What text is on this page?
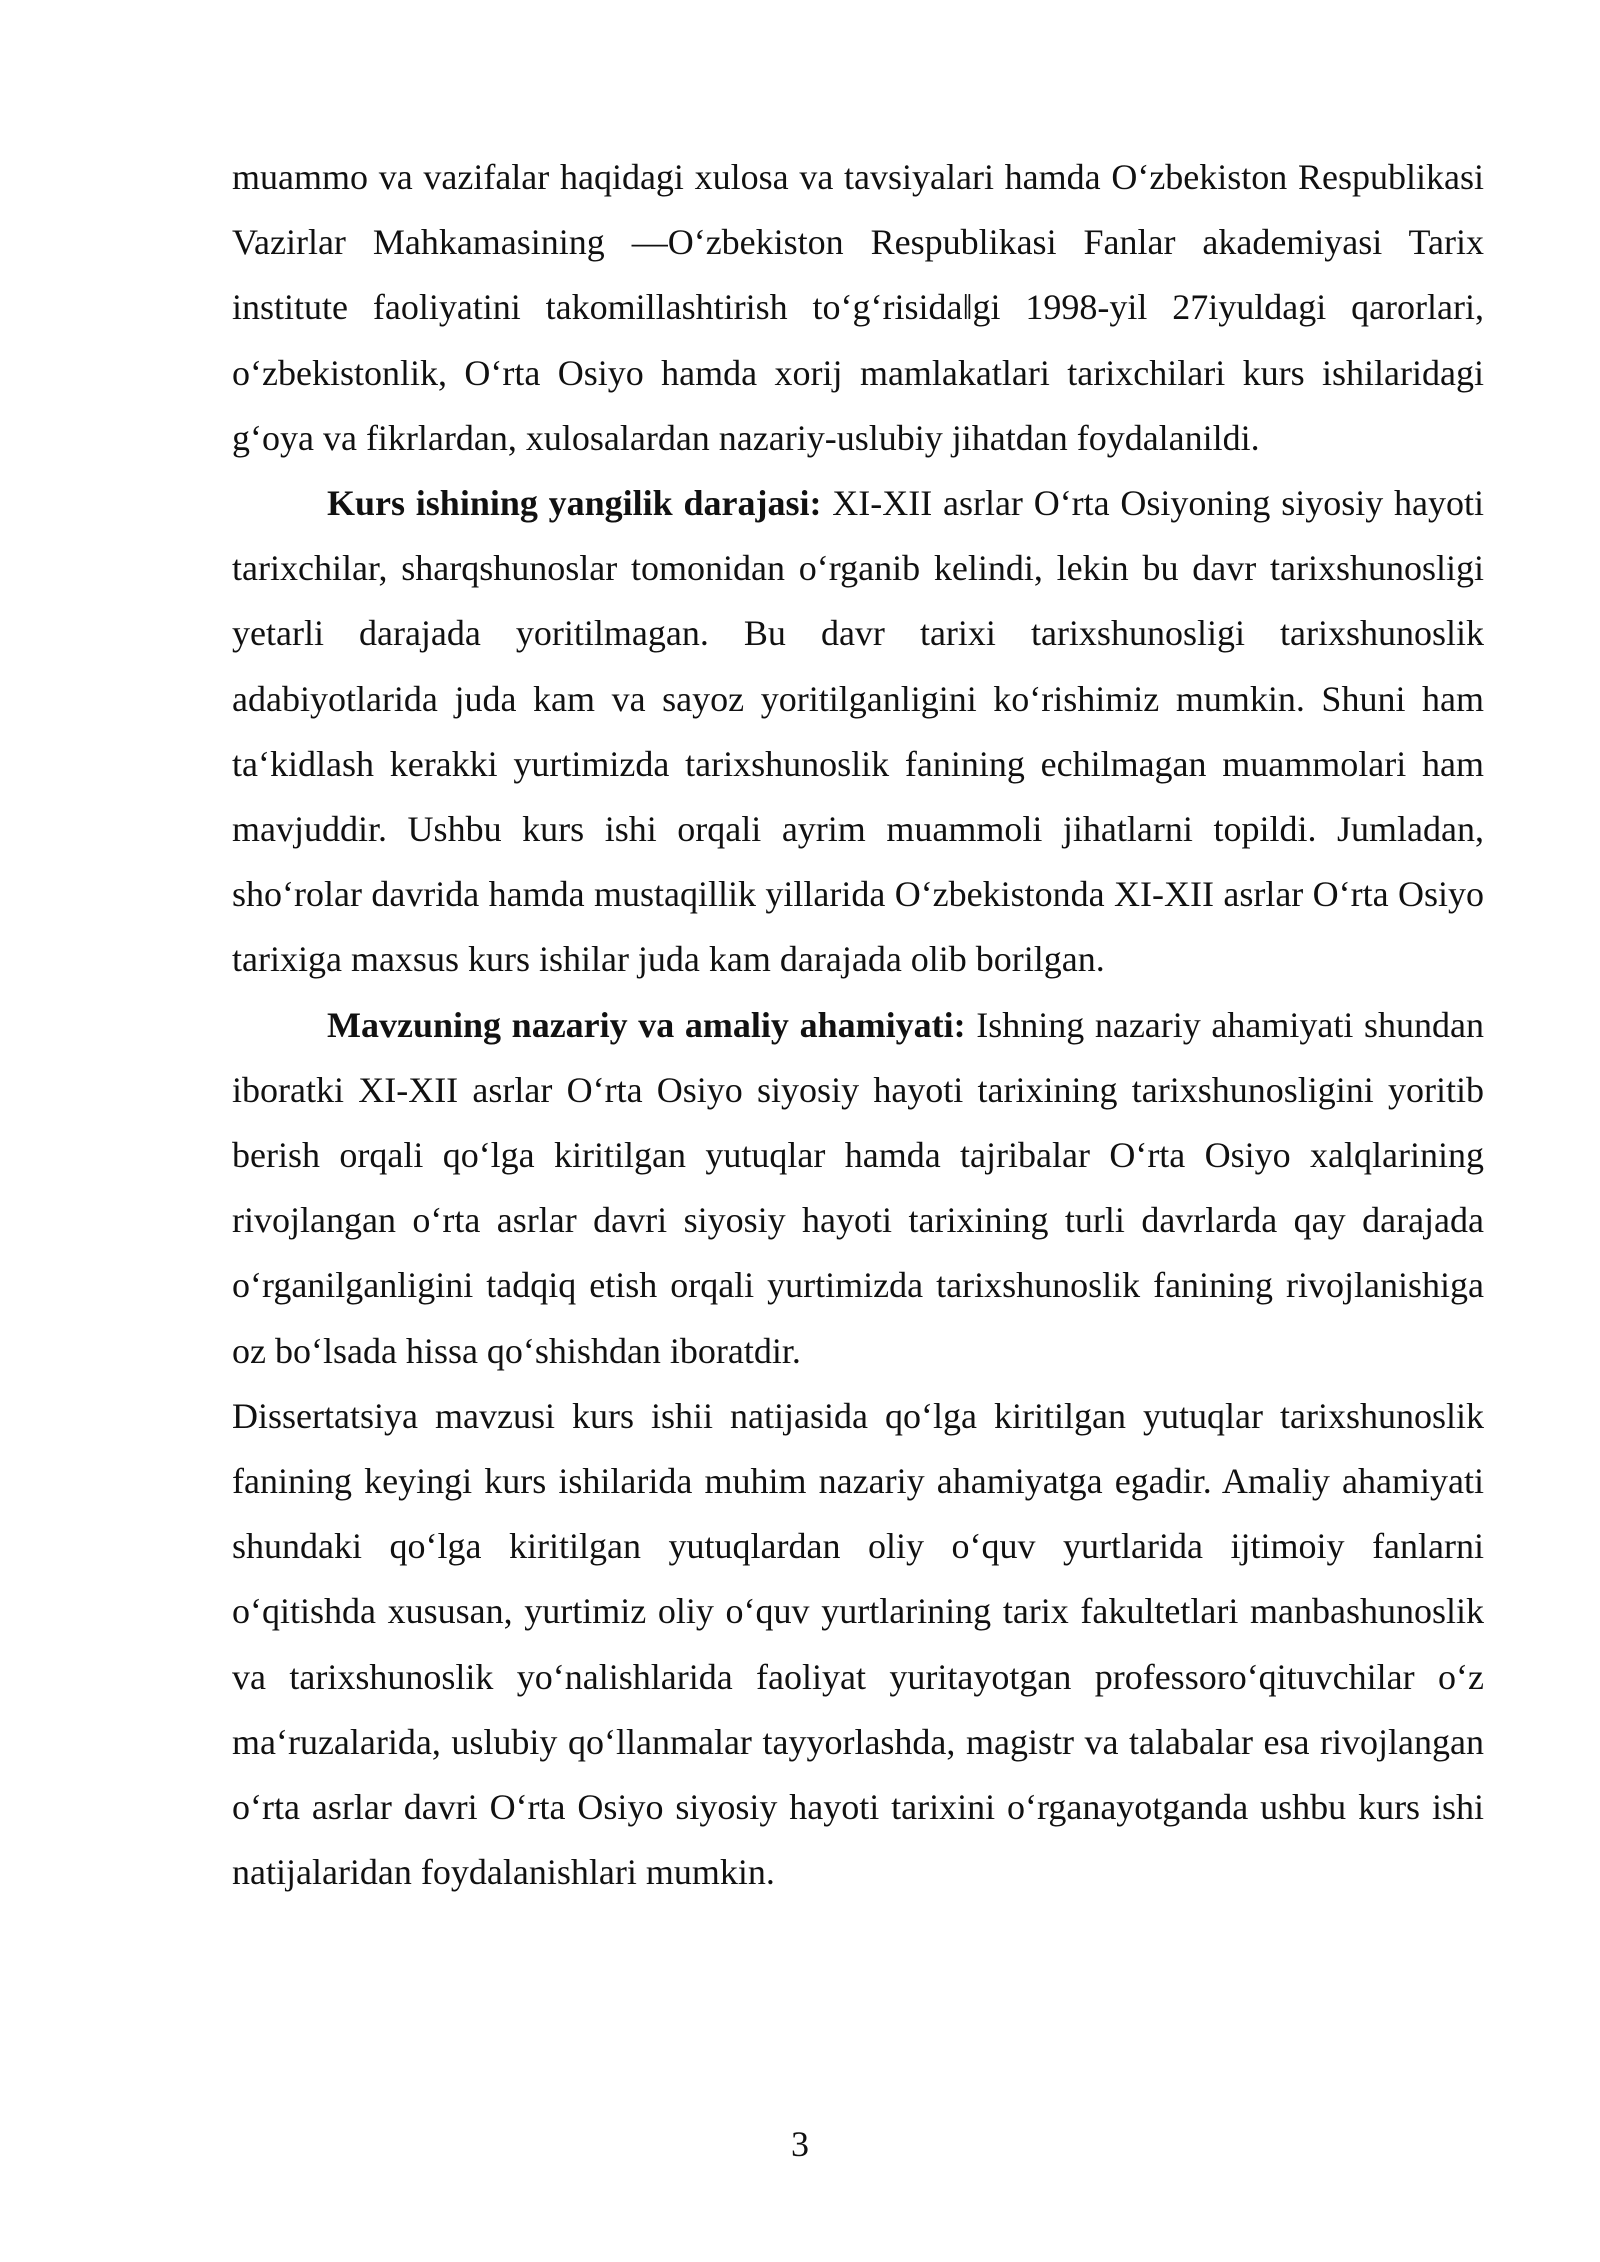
muammo va vazifalar haqidagi xulosa va tavsiyalari hamda O‘zbekiston Respublikasi Vazirlar Mahkamasining ―O‘zbekiston Respublikasi Fanlar akademiyasi Tarix institute faoliyatini takomillashtirish to‘g‘risida‖gi 1998-yil 27iyuldagi qarorlari, o‘zbekistonlik, O‘rta Osiyo hamda xorij mamlakatlari tarixchilari kurs ishilaridagi g‘oya va fikrlardan, xulosalardan nazariy-uslubiy jihatdan foydalanildi.

Kurs ishining yangilik darajasi: XI-XII asrlar O‘rta Osiyoning siyosiy hayoti tarixchilar, sharqshunoslar tomonidan o‘rganib kelindi, lekin bu davr tarixshunosligi yetarli darajada yoritilmagan. Bu davr tarixi tarixshunosligi tarixshunoslik adabiyotlarida juda kam va sayoz yoritilganligini ko‘rishimiz mumkin. Shuni ham ta‘kidlash kerakki yurtimizda tarixshunoslik fanining echilmagan muammolari ham mavjuddir. Ushbu kurs ishi orqali ayrim muammoli jihatlarni topildi. Jumladan, sho‘rolar davrida hamda mustaqillik yillarida O‘zbekistonda XI-XII asrlar O‘rta Osiyo tarixiga maxsus kurs ishilar juda kam darajada olib borilgan.

Mavzuning nazariy va amaliy ahamiyati: Ishning nazariy ahamiyati shundan iboratki XI-XII asrlar O‘rta Osiyo siyosiy hayoti tarixining tarixshunosligini yoritib berish orqali qo‘lga kiritilgan yutuqlar hamda tajribalar O‘rta Osiyo xalqlarining rivojlangan o‘rta asrlar davri siyosiy hayoti tarixining turli davrlarda qay darajada o‘rganilganligini tadqiq etish orqali yurtimizda tarixshunoslik fanining rivojlanishiga oz bo‘lsada hissa qo‘shishdan iboratdir.

Dissertatsiya mavzusi kurs ishii natijasida qo‘lga kiritilgan yutuqlar tarixshunoslik fanining keyingi kurs ishilarida muhim nazariy ahamiyatga egadir. Amaliy ahamiyati shundaki qo‘lga kiritilgan yutuqlardan oliy o‘quv yurtlarida ijtimoiy fanlarni o‘qitishda xususan, yurtimiz oliy o‘quv yurtlarining tarix fakultetlari manbashunoslik va tarixshunoslik yo‘nalishlarida faoliyat yuritayotgan professoro‘qituvchilar o‘z ma‘ruzalarida, uslubiy qo‘llanmalar tayyorlashda, magistr va talabalar esa rivojlangan o‘rta asrlar davri O‘rta Osiyo siyosiy hayoti tarixini o‘rganayotganda ushbu kurs ishi natijalaridan foydalanishlari mumkin.

3
